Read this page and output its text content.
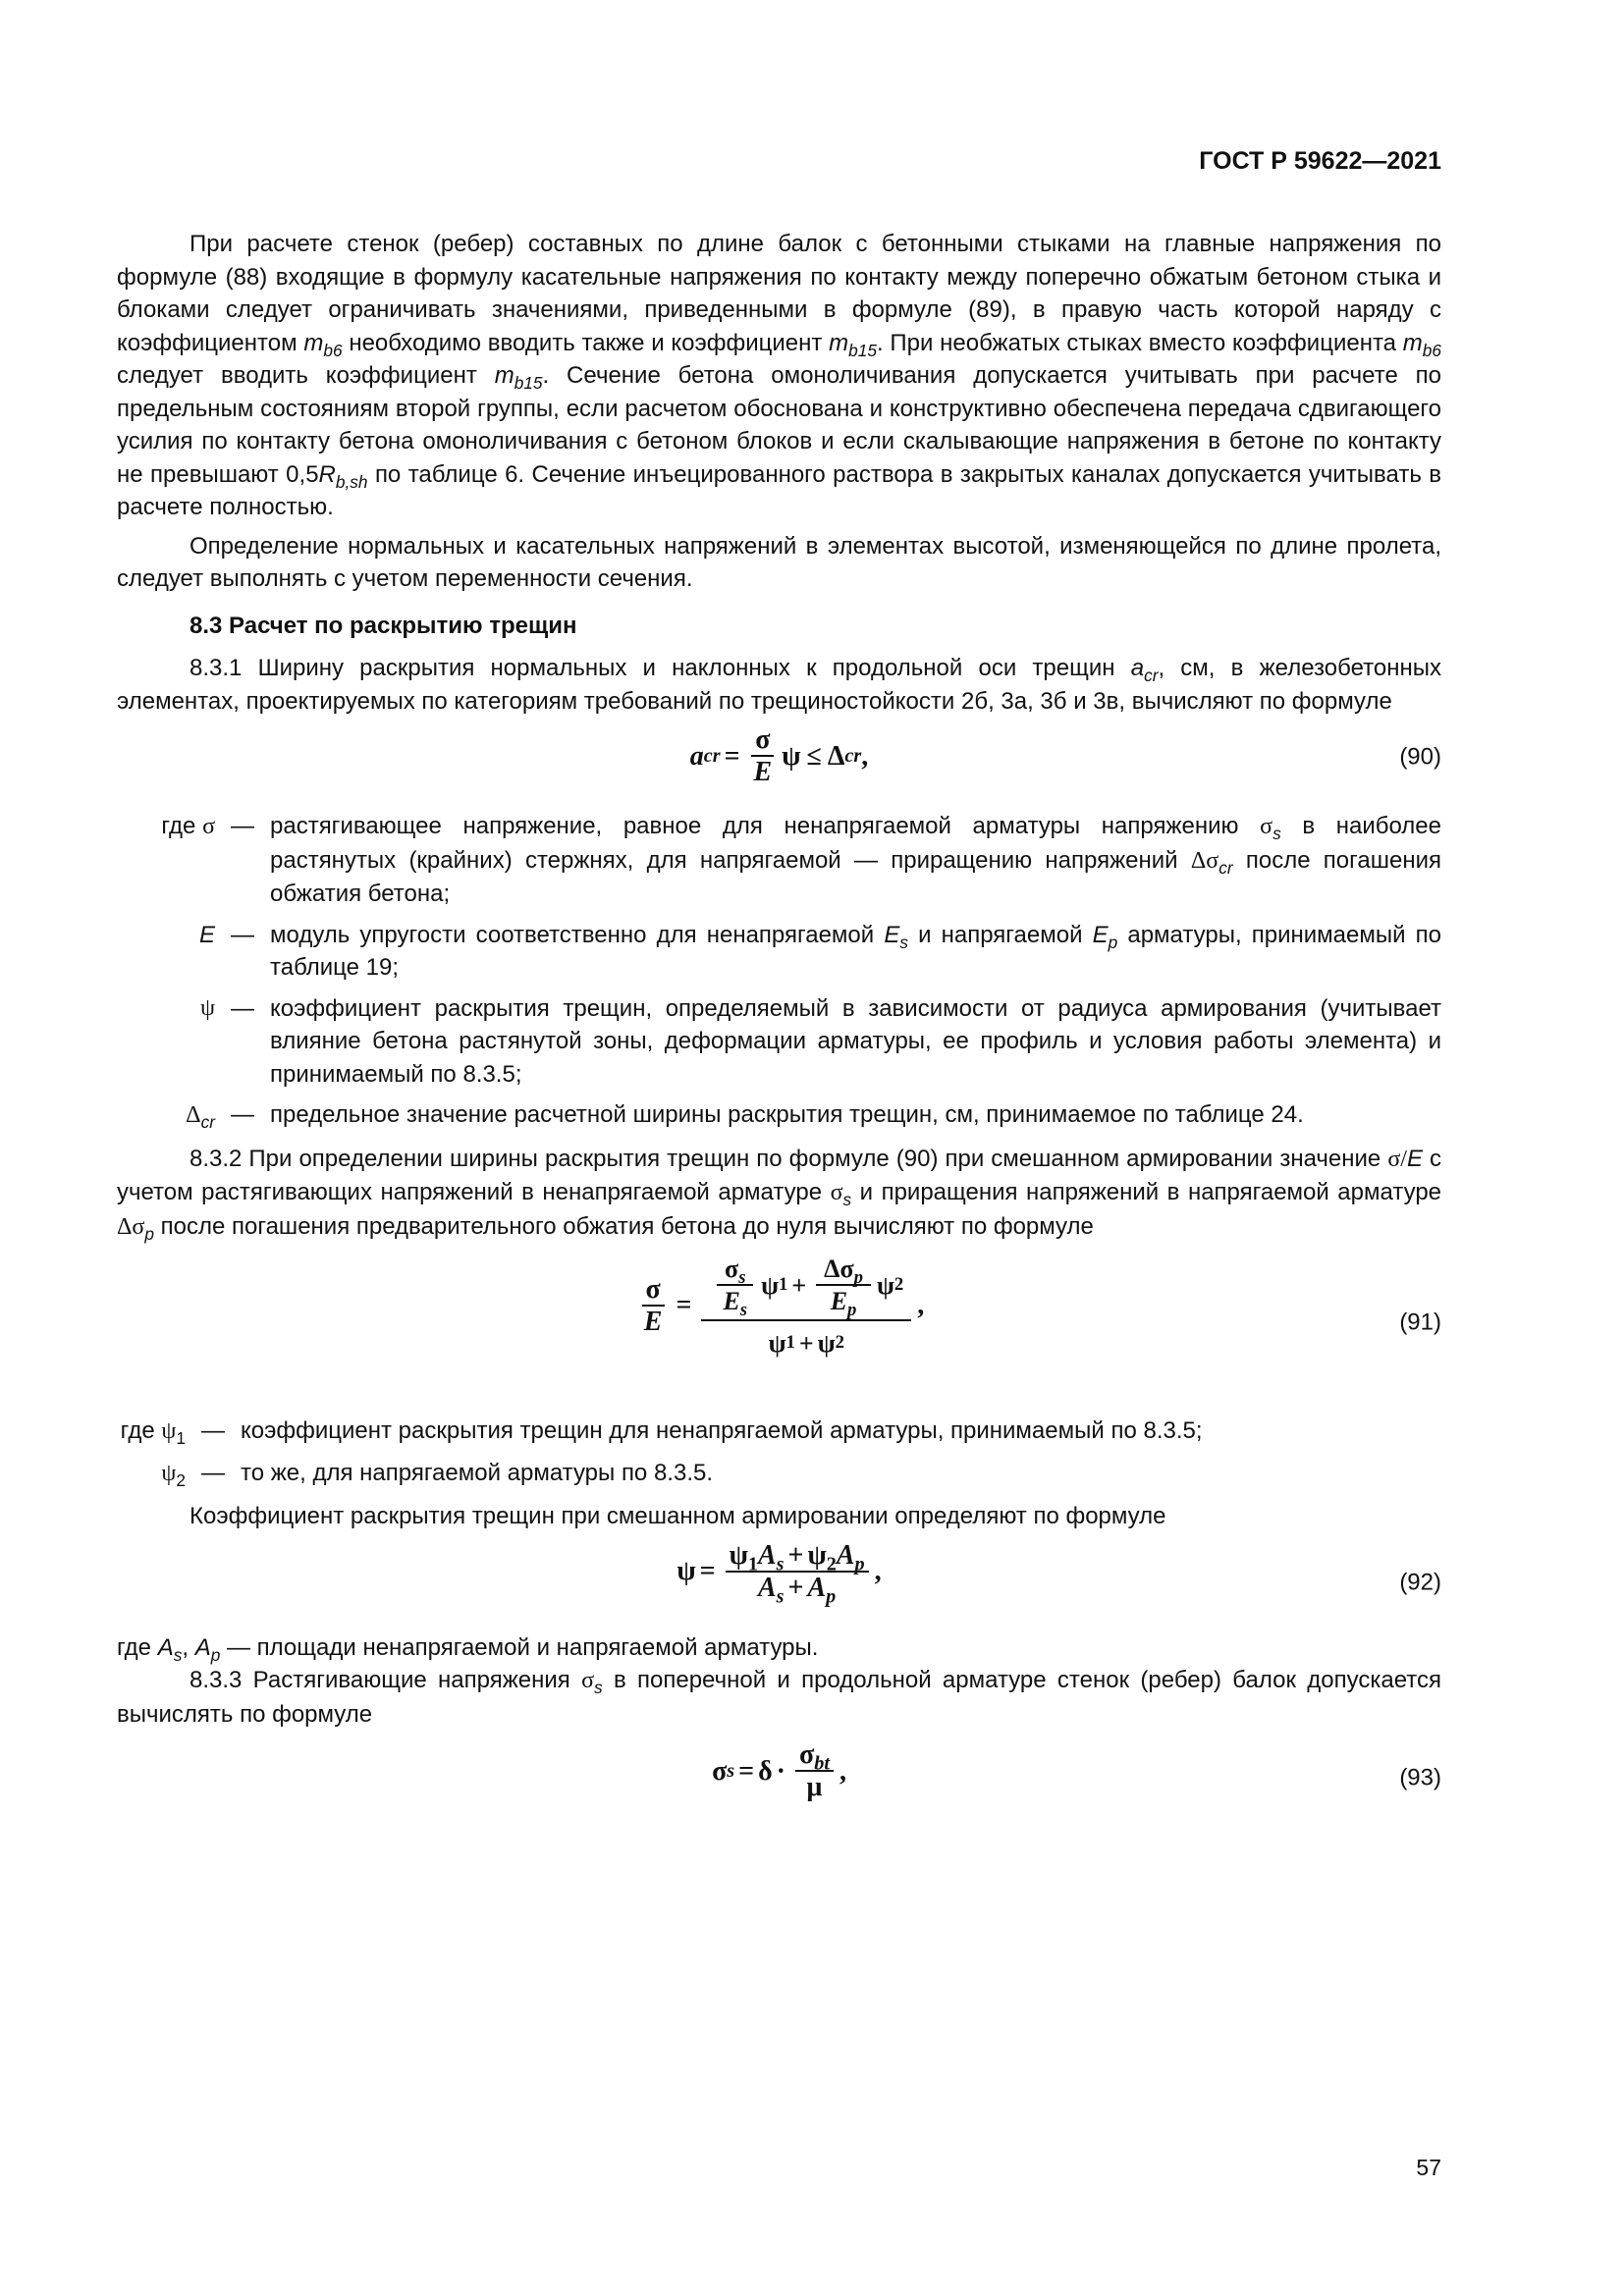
ГОСТ Р 59622—2021

При расчете стенок (ребер) составных по длине балок с бетонными стыками на главные напряжения по формуле (88) входящие в формулу касательные напряжения по контакту между поперечно обжатым бетоном стыка и блоками следует ограничивать значениями, приведенными в формуле (89), в правую часть которой наряду с коэффициентом $m_{b6}$ необходимо вводить также и коэффициент $m_{b15}$. При необжатых стыках вместо коэффициента $m_{b6}$ следует вводить коэффициент $m_{b15}$. Сечение бетона омоноличивания допускается учитывать при расчете по предельным состояниям второй группы, если расчетом обоснована и конструктивно обеспечена передача сдвигающего усилия по контакту бетона омоноличивания с бетоном блоков и если скалывающие напряжения в бетоне по контакту не превышают $0,5R_{b,sh}$ по таблице 6. Сечение инъецированного раствора в закрытых каналах допускается учитывать в расчете полностью.

Определение нормальных и касательных напряжений в элементах высотой, изменяющейся по длине пролета, следует выполнять с учетом переменности сечения.

8.3 Расчет по раскрытию трещин

8.3.1 Ширину раскрытия нормальных и наклонных к продольной оси трещин $a_{cr}$, см, в железобетонных элементах, проектируемых по категориям требований по трещиностойкости 2б, 3а, 3б и 3в, вычисляют по формуле

a cr = $\frac{\sigma}{E}$ ψ ≤ Δ cr ,	(90)
где σ — растягивающее напряжение, равное для ненапрягаемой арматуры напряжению $\sigma_s$ в наиболее растянутых (крайних) стержнях, для напрягаемой — приращению напряжений $\Delta\sigma_{cr}$ после погашения обжатия бетона;
E — модуль упругости соответственно для ненапрягаемой $E_s$ и напрягаемой $E_p$ арматуры, принимаемый по таблице 19;
ψ — коэффициент раскрытия трещин, определяемый в зависимости от радиуса армирования (учитывает влияние бетона растянутой зоны, деформации арматуры, ее профиль и условия работы элемента) и принимаемый по 8.3.5;
$\Delta_{cr}$ — предельное значение расчетной ширины раскрытия трещин, см, принимаемое по таблице 24.

8.3.2 При определении ширины раскрытия трещин по формуле (90) при смешанном армировании значение σ/E с учетом растягивающих напряжений в ненапрягаемой арматуре $\sigma_s$ и приращения напряжений в напрягаемой арматуре $\Delta\sigma_p$ после погашения предварительного обжатия бетона до нуля вычисляют по формуле

$\frac{\sigma}{E} = \frac{\sigma_s}{E_s}$ ψ $1 + \frac{\Delta\sigma_p}{E_p}$ ψ 2
ψ 1 + ψ 2
,
(91)
где $\psi_1$ — коэффициент раскрытия трещин для ненапрягаемой арматуры, принимаемый по 8.3.5;
$\psi_2$ — то же, для напрягаемой арматуры по 8.3.5.

Коэффициент раскрытия трещин при смешанном армировании определяют по формуле

$\psi = \frac{\psi_1A_s + \psi_2A_p}{A_s + A_p}$ ,	(92)

где $A_s$, $A_p$ — площади ненапрягаемой и напрягаемой арматуры.

8.3.3 Растягивающие напряжения $\sigma_s$ в поперечной и продольной арматуре стенок (ребер) балок допускается вычислять по формуле

σ $s = \delta \cdot \frac{\sigma_{bt}}{\mu}$ ,	(93)
57
